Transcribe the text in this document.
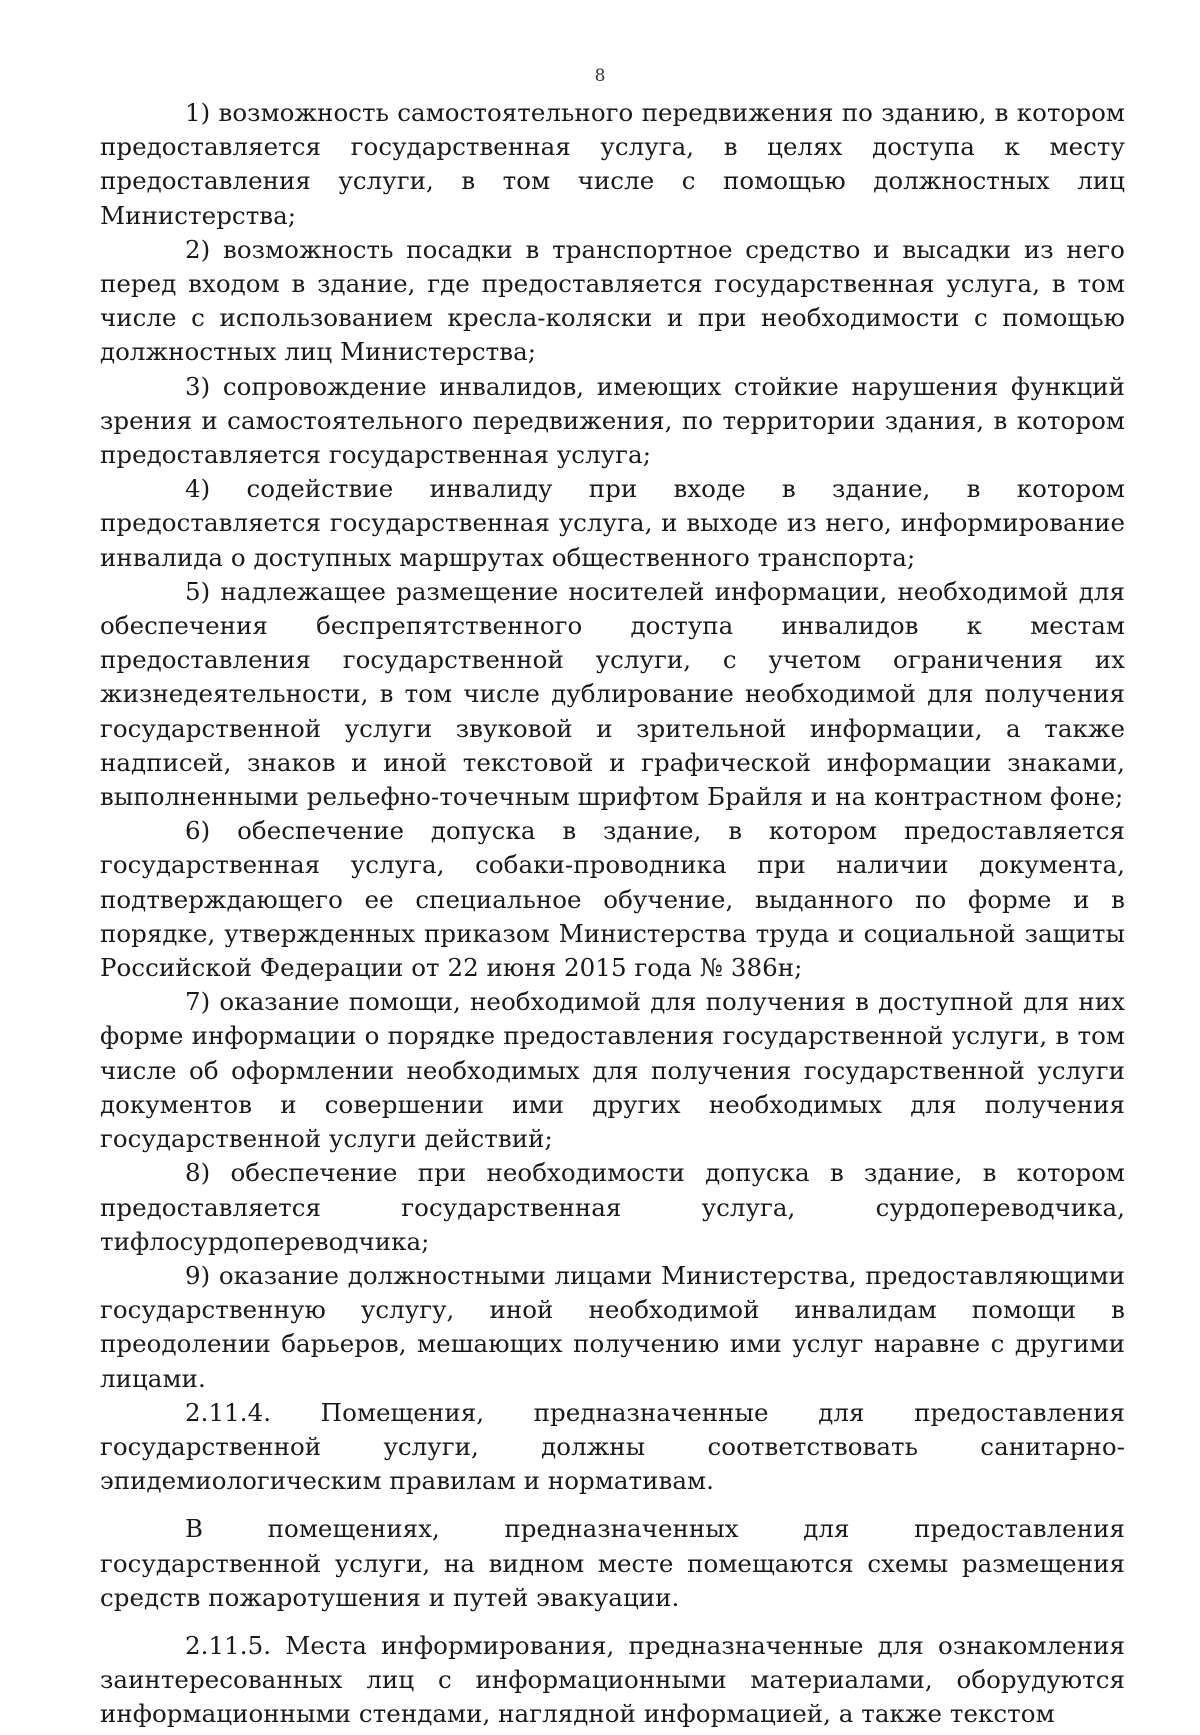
8

1) возможность самостоятельного передвижения по зданию, в котором предоставляется государственная услуга, в целях доступа к месту предоставления услуги, в том числе с помощью должностных лиц Министерства;

2) возможность посадки в транспортное средство и высадки из него перед входом в здание, где предоставляется государственная услуга, в том числе с использованием кресла-коляски и при необходимости с помощью должностных лиц Министерства;

3) сопровождение инвалидов, имеющих стойкие нарушения функций зрения и самостоятельного передвижения, по территории здания, в котором предоставляется государственная услуга;

4) содействие инвалиду при входе в здание, в котором предоставляется государственная услуга, и выходе из него, информирование инвалида о доступных маршрутах общественного транспорта;

5) надлежащее размещение носителей информации, необходимой для обеспечения беспрепятственного доступа инвалидов к местам предоставления государственной услуги, с учетом ограничения их жизнедеятельности, в том числе дублирование необходимой для получения государственной услуги звуковой и зрительной информации, а также надписей, знаков и иной текстовой и графической информации знаками, выполненными рельефно-точечным шрифтом Брайля и на контрастном фоне;

6) обеспечение допуска в здание, в котором предоставляется государственная услуга, собаки-проводника при наличии документа, подтверждающего ее специальное обучение, выданного по форме и в порядке, утвержденных приказом Министерства труда и социальной защиты Российской Федерации от 22 июня 2015 года № 386н;

7) оказание помощи, необходимой для получения в доступной для них форме информации о порядке предоставления государственной услуги, в том числе об оформлении необходимых для получения государственной услуги документов и совершении ими других необходимых для получения государственной услуги действий;

8) обеспечение при необходимости допуска в здание, в котором предоставляется государственная услуга, сурдопереводчика, тифлосурдопереводчика;

9) оказание должностными лицами Министерства, предоставляющими государственную услугу, иной необходимой инвалидам помощи в преодолении барьеров, мешающих получению ими услуг наравне с другими лицами.

2.11.4. Помещения, предназначенные для предоставления государственной услуги, должны соответствовать санитарно-эпидемиологическим правилам и нормативам.

В помещениях, предназначенных для предоставления государственной услуги, на видном месте помещаются схемы размещения средств пожаротушения и путей эвакуации.

2.11.5. Места информирования, предназначенные для ознакомления заинтересованных лиц с информационными материалами, оборудуются информационными стендами, наглядной информацией, а также текстом
